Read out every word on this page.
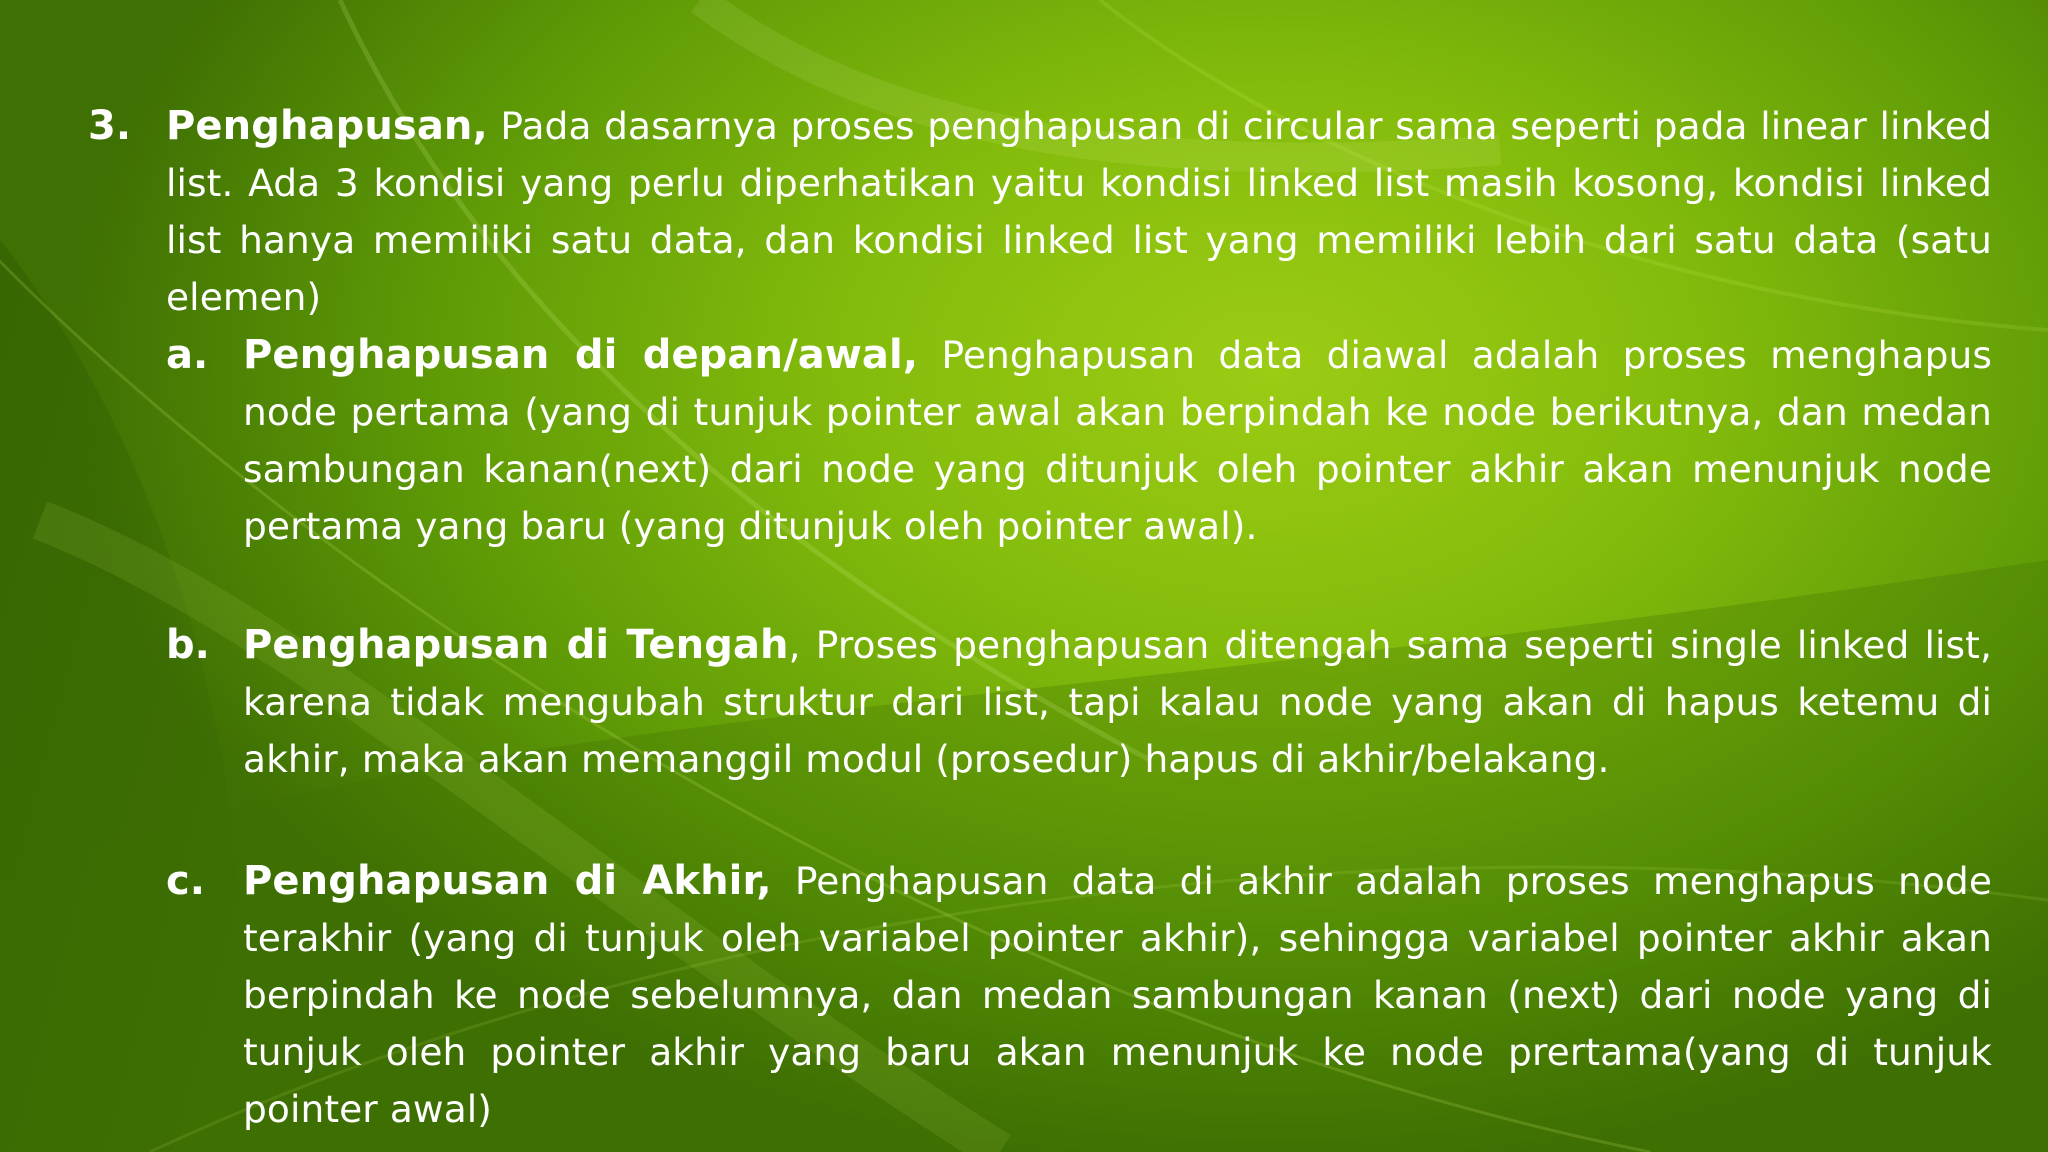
3. Penghapusan, Pada dasarnya proses penghapusan di circular sama seperti pada linear linked list. Ada 3 kondisi yang perlu diperhatikan yaitu kondisi linked list masih kosong, kondisi linked list hanya memiliki satu data, dan kondisi linked list yang memiliki lebih dari satu data (satu elemen)
a. Penghapusan di depan/awal, Penghapusan data diawal adalah proses menghapus node pertama (yang di tunjuk pointer awal akan berpindah ke node berikutnya, dan medan sambungan kanan(next) dari node yang ditunjuk oleh pointer akhir akan menunjuk node pertama yang baru (yang ditunjuk oleh pointer awal).
b. Penghapusan di Tengah, Proses penghapusan ditengah sama seperti single linked list, karena tidak mengubah struktur dari list, tapi kalau node yang akan di hapus ketemu di akhir, maka akan memanggil modul (prosedur) hapus di akhir/belakang.
c. Penghapusan di Akhir, Penghapusan data di akhir adalah proses menghapus node terakhir (yang di tunjuk oleh variabel pointer akhir), sehingga variabel pointer akhir akan berpindah ke node sebelumnya, dan medan sambungan kanan (next) dari node yang di tunjuk oleh pointer akhir yang baru akan menunjuk ke node prertama(yang di tunjuk pointer awal)
